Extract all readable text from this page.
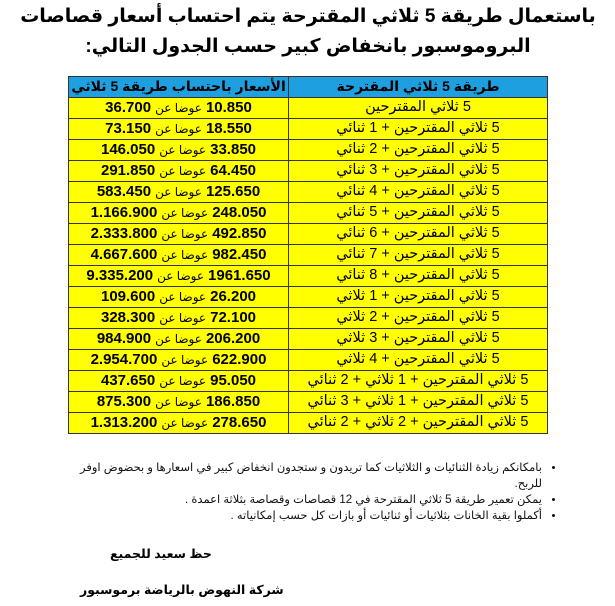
باستعمال طريقة 5 ثلاثي المقترحة يتم احتساب أسعار قصاصات
البروموسبور بانخفاض كبير حسب الجدول التالي:
طريقة 5 ثلاثي المقترحة	الأسعار باحتساب طريقة 5 ثلاثي
5 ثلاثي المقترحين	10.850 عوضا عن 36.700
5 ثلاثي المقترحين + 1 ثنائي	18.550 عوضا عن 73.150
5 ثلاثي المقترحين + 2 ثنائي	33.850 عوضا عن 146.050
5 ثلاثي المقترحين + 3 ثنائي	64.450 عوضا عن 291.850
5 ثلاثي المقترحين + 4 ثنائي	125.650 عوضا عن 583.450
5 ثلاثي المقترحين + 5 ثنائي	248.050 عوضا عن 1.166.900
5 ثلاثي المقترحين + 6 ثنائي	492.850 عوضا عن 2.333.800
5 ثلاثي المقترحين + 7 ثنائي	982.450 عوضا عن 4.667.600
5 ثلاثي المقترحين + 8 ثنائي	1961.650 عوضا عن 9.335.200
5 ثلاثي المقترحين + 1 ثلاثي	26.200 عوضا عن 109.600
5 ثلاثي المقترحين + 2 ثلاثي	72.100 عوضا عن 328.300
5 ثلاثي المقترحين + 3 ثلاثي	206.200 عوضا عن 984.900
5 ثلاثي المقترحين + 4 ثلاثي	622.900 عوضا عن 2.954.700
5 ثلاثي المقترحين + 1 ثلاثي + 2 ثنائي	95.050 عوضا عن 437.650
5 ثلاثي المقترحين + 1 ثلاثي + 3 ثنائي	186.850 عوضا عن 875.300
5 ثلاثي المقترحين + 2 ثلاثي + 2 ثنائي	278.650 عوضا عن 1.313.200
• بامكانكم زيادة الثنائيات و الثلاثيات كما تريدون و ستجدون انخفاض كبير في اسعارها و بحضوض اوفر للربح.
• يمكن تعمير طريقة 5 ثلاثي المقترحة في 12 قصاصات وقصاصة بثلاثة اعمدة .
• أكملوا بقية الخانات بثلاثيات أو ثنائيات أو بازات كل حسب إمكانياته .
حظ سعيد للجميع
شركة النهوض بالرياضة برموسبور
